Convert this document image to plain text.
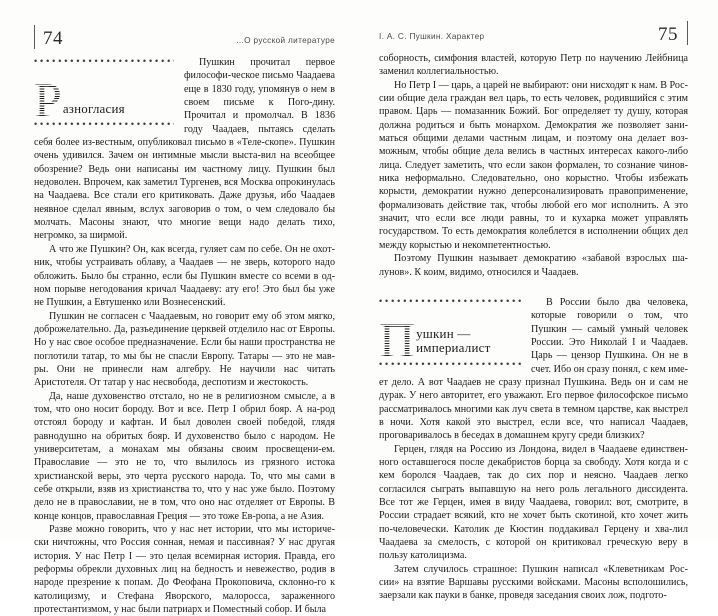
74	...О русской литературе
•••••
Р азногласия
•••••

Пушкин прочитал первое философи-ческое письмо Чаадаева еще в 1830 году, упомянув о нем в своем письме к Пого-дину. Прочитал и промолчал. В 1836 году Чаадаев, пытаясь сделать себя более из-вестным, опубликовал письмо в «Теле-скопе». Пушкин очень удивился. Зачем он интимные мысли выста-вил на всеобщее обозрение? Ведь они написаны им частному лицу. Пушкин был недоволен. Впрочем, как заметил Тургенев, вся Москва опрокинулась на Чаадаева. Все стали его критиковать. Даже друзья, ибо Чаадаев неявное сделал явным, вслух заговорив о том, о чем следовало бы молчать. Масоны знают, что многие вещи надо делать тихо, негромко, за ширмой.

А что же Пушкин? Он, как всегда, гуляет сам по себе. Он не охот-ник, чтобы устраивать облаву, а Чаадаев — не зверь, которого надо обложить. Было бы странно, если бы Пушкин вместе со всеми в од-ном порыве негодования кричал Чаадаеву: ату его! Это был бы уже не Пушкин, а Евтушенко или Вознесенский.

Пушкин не согласен с Чаадаевым, но говорит ему об этом мягко, доброжелательно. Да, разъединение церквей отделило нас от Европы. Но у нас свое особое предназначение. Если бы наши пространства не поглотили татар, то мы бы не спасли Европу. Татары — это не мав-ры. Они не принесли нам алгебру. Не научили нас читать Аристотеля. От татар у нас несвобода, деспотизм и жестокость.

Да, наше духовенство отстало, но не в религиозном смысле, а в том, что оно носит бороду. Вот и все. Петр I обрил бояр. А на-род отстоял бороду и кафтан. И был доволен своей победой, глядя равнодушно на обритых бояр. И духовенство было с народом. Не университетам, а монахам мы обязаны своим просвещени-ем. Православие — это не то, что вылилось из грязного истока христианской веры, это черта русского народа. То, что мы сами в себе открыли, взяв из христианства то, что у нас уже было. Поэтому дело не в православии, не в том, что оно нас отделяет от Европы. В конце концов, православная Греция — это тоже Ев-ропа, а не Азия.

Разве можно говорить, что у нас нет истории, что мы историче-ски ничтожны, что Россия сонная, немая и пассивная? У нас другая история. У нас Петр I — это целая всемирная история. Правда, его реформы обрекли духовных лиц на бедность и невежество, родив в народе презрение к попам. До Феофана Прокоповича, склонно-го к католицизму, и Стефана Яворского, малоросса, зараженного протестантизмом, у нас были патриарх и Поместный собор. И была

I. А. С. Пушкин. Характер	75

соборность, симфония властей, которую Петр по научению Лейбница заменил коллегиальностью.

Но Петр I — царь, а царей не выбирают: они нисходят к нам. В Рос-сии общие дела граждан вел царь, то есть человек, родившийся с этим правом. Царь — помазанник Божий. Бог определяет ту душу, которая должна родиться и быть монархом. Демократия же позволяет зани-маться общими делами частным лицам, и поэтому она делает воз-можным, чтобы общие дела велись в частных интересах какого-либо лица. Следует заметить, что если закон формален, то сознание чинов-ника неформально. Следовательно, оно корыстно. Чтобы избежать корысти, демократии нужно деперсонализировать правоприменение, формализовать действие так, чтобы любой его мог исполнить. А это значит, что если все люди равны, то и кухарка может управлять государством. То есть демократия колеблется в исполнении общих дел между корыстью и некомпетентностью.

Поэтому Пушкин называет демократию «забавой взрослых ша-лунов». К коим, видимо, относился и Чаадаев.

•••••
П ушкин —
империалист
•••••

В России было два человека, которые говорили о том, что Пушкин — самый умный человек России. Это Николай I и Чаадаев. Царь — цензор Пушкина. Он не в счет. Ибо он сразу понял, с кем име-ет дело. А вот Чаадаев не сразу признал Пушкина. Ведь он и сам не дурак. У него авторитет, его уважают. Его первое философское письмо рассматривалось многими как луч света в темном царстве, как выстрел в ночи. Хотя какой это выстрел, если все, что написал Чаадаев, проговаривалось в беседах в домашнем кругу среди близких?

Герцен, глядя на Россию из Лондона, видел в Чаадаеве единствен-ного оставшегося после декабристов борца за свободу. Хотя когда и с кем боролся Чаадаев, так до сих пор и неясно. Чаадаев легко согласился сыграть выпавшую на него роль легального диссидента. Все тот же Герцен, имея в виду Чаадаева, говорил: вот, смотрите, в России страдает всякий, кто не хочет быть скотиной, кто хочет жить по-человечески. Католик де Кюстин поддакивал Герцену и хва-лил Чаадаева за смелость, с которой он критиковал греческую веру в пользу католицизма.

Затем случилось страшное: Пушкин написал «Клеветникам Рос-сии» на взятие Варшавы русскими войсками. Масоны всполошились, заерзали как пауки в банке, проведя заседания своих лож, подгото-
